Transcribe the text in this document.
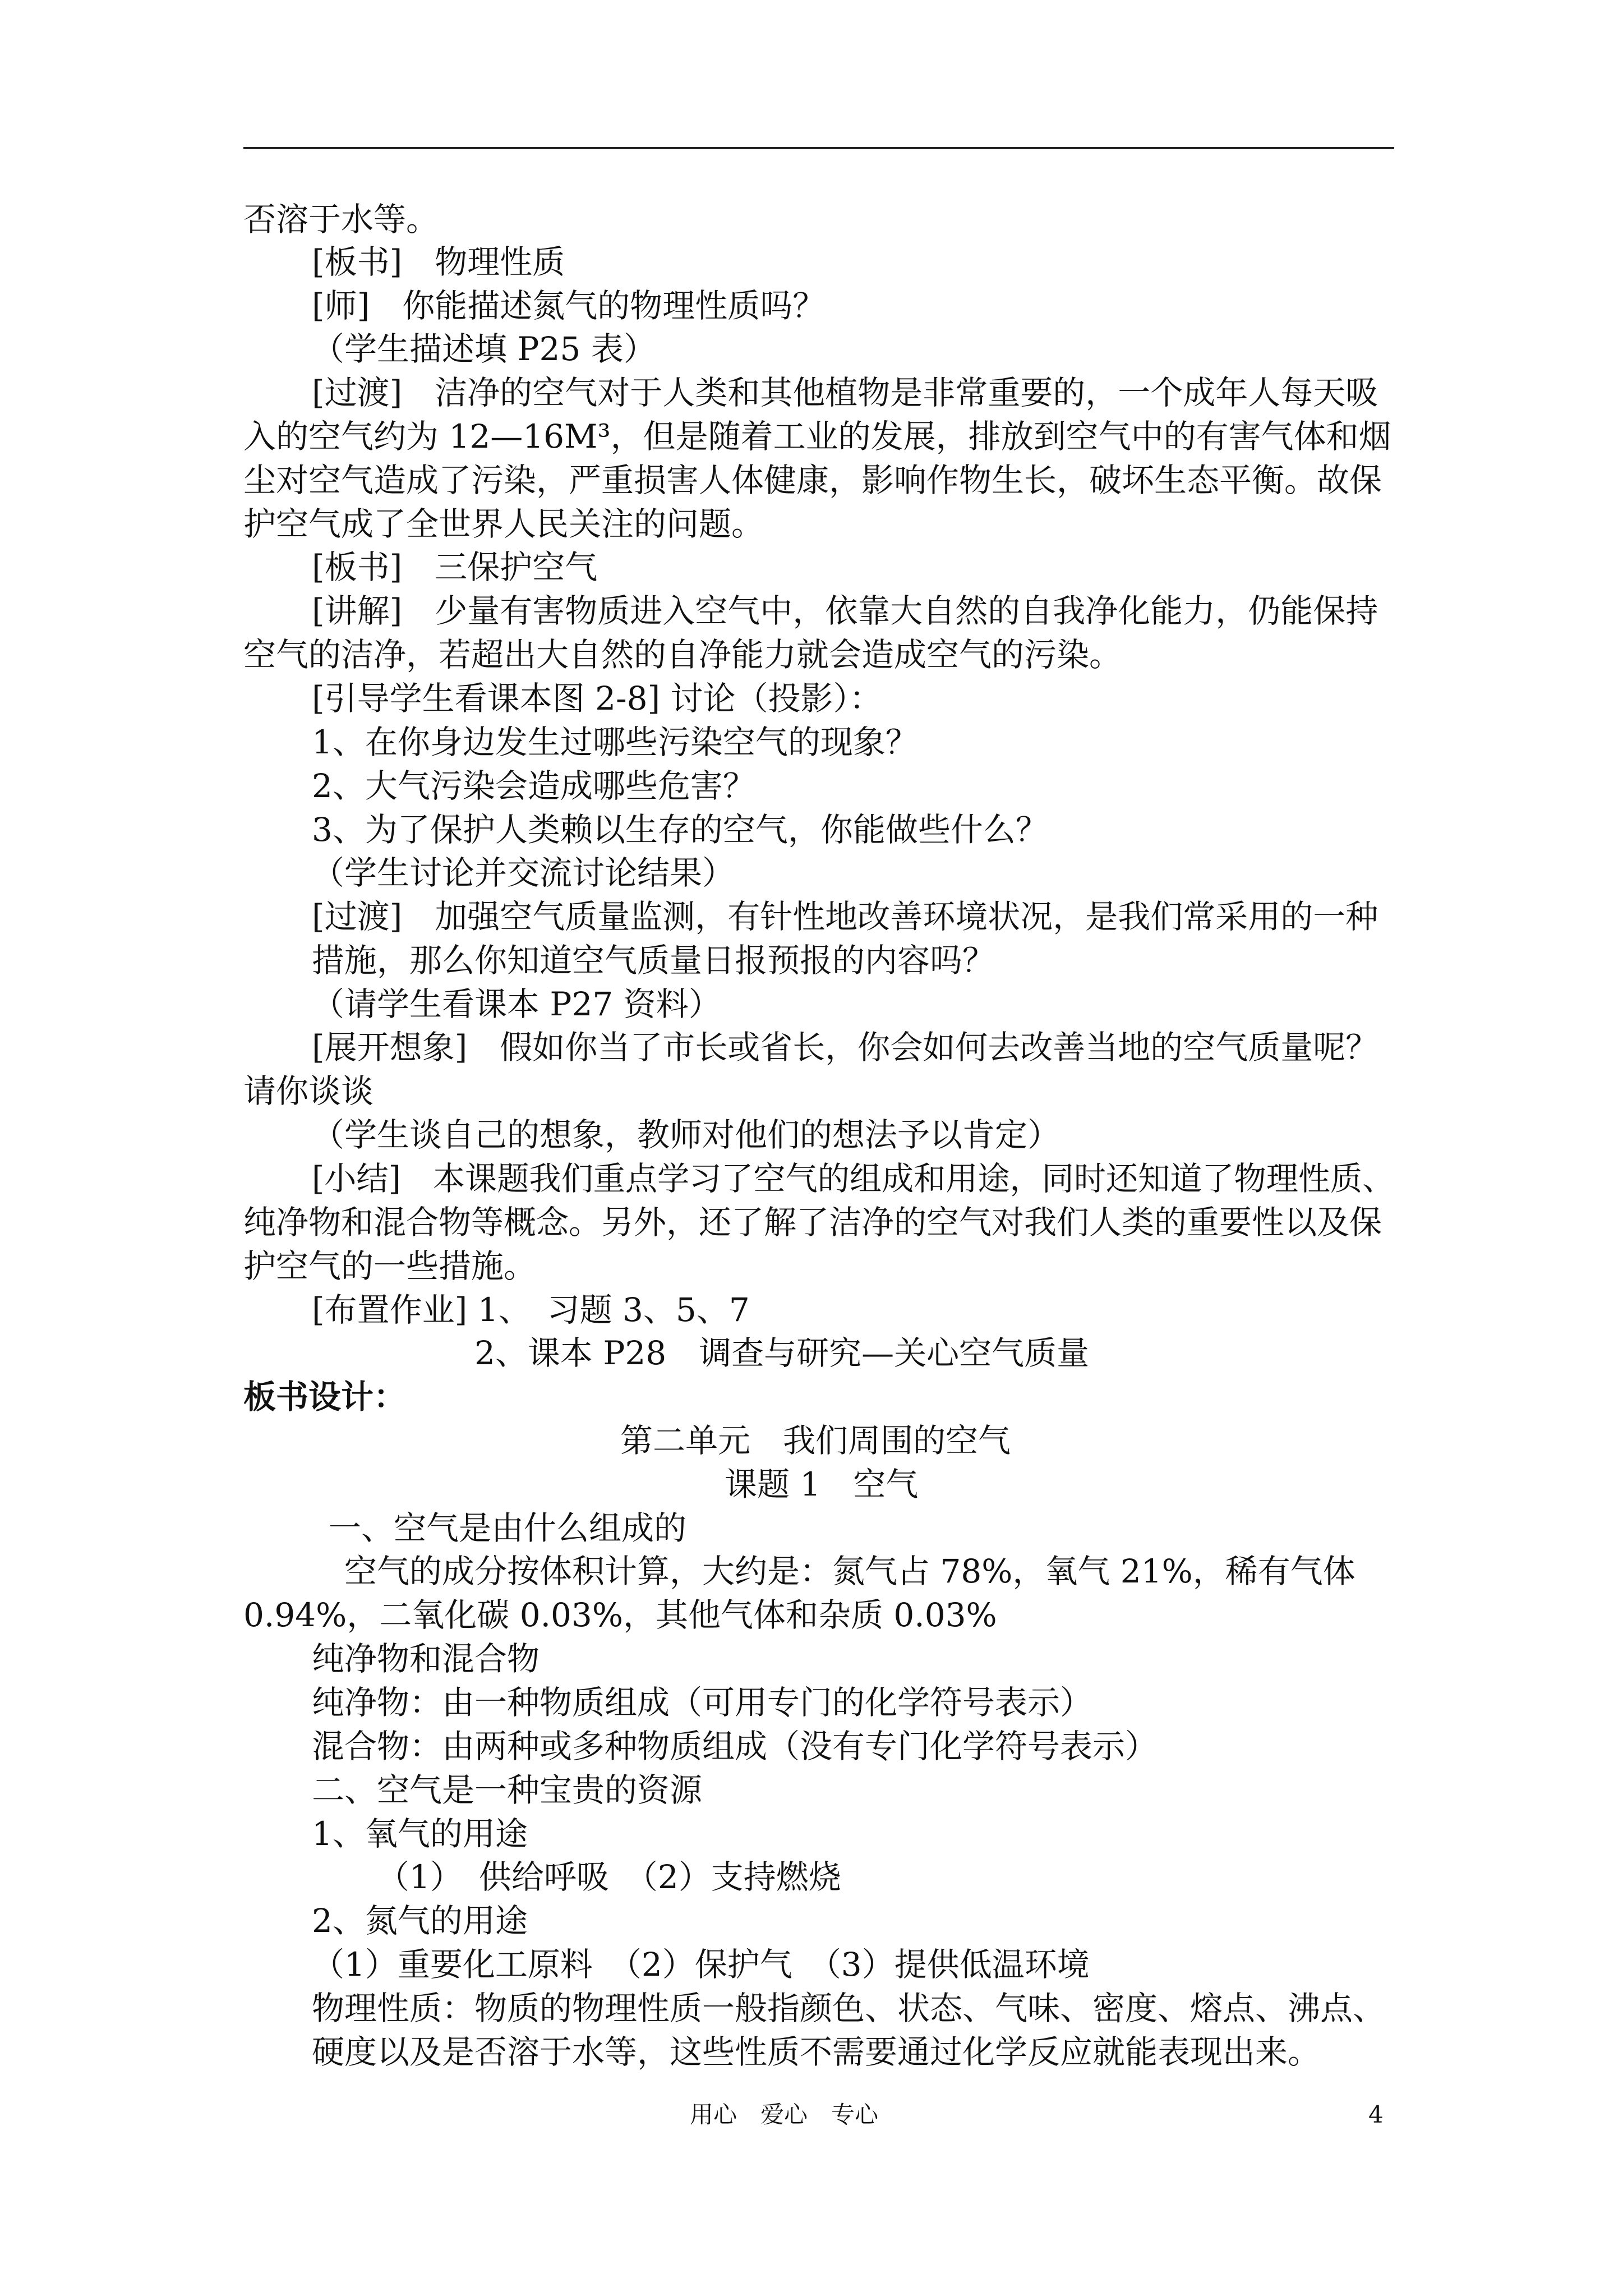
否溶于水等。
[板书]　物理性质
[师]　你能描述氮气的物理性质吗？
（学生描述填 P25 表）
[过渡]　洁净的空气对于人类和其他植物是非常重要的，一个成年人每天吸
入的空气约为 12—16M³，但是随着工业的发展，排放到空气中的有害气体和烟
尘对空气造成了污染，严重损害人体健康，影响作物生长，破坏生态平衡。故保
护空气成了全世界人民关注的问题。
[板书]　三保护空气
[讲解]　少量有害物质进入空气中，依靠大自然的自我净化能力，仍能保持
空气的洁净，若超出大自然的自净能力就会造成空气的污染。
[引导学生看课本图 2-8] 讨论（投影）：
1、在你身边发生过哪些污染空气的现象？
2、大气污染会造成哪些危害？
3、为了保护人类赖以生存的空气，你能做些什么？
（学生讨论并交流讨论结果）
[过渡]　加强空气质量监测，有针性地改善环境状况，是我们常采用的一种
措施，那么你知道空气质量日报预报的内容吗？
（请学生看课本 P27 资料）
[展开想象]　假如你当了市长或省长，你会如何去改善当地的空气质量呢？
请你谈谈
（学生谈自己的想象，教师对他们的想法予以肯定）
[小结]　本课题我们重点学习了空气的组成和用途，同时还知道了物理性质、
纯净物和混合物等概念。另外，还了解了洁净的空气对我们人类的重要性以及保
护空气的一些措施。
[布置作业] 1、　习题 3、5、7
2、课本 P28　调查与研究—关心空气质量
板书设计：
第二单元　我们周围的空气
课题 1　空气
一、空气是由什么组成的
空气的成分按体积计算，大约是：氮气占 78%，氧气 21%，稀有气体
0.94%，二氧化碳 0.03%，其他气体和杂质 0.03%
纯净物和混合物
纯净物：由一种物质组成（可用专门的化学符号表示）
混合物：由两种或多种物质组成（没有专门化学符号表示）
二、空气是一种宝贵的资源
1、氧气的用途
（1）　供给呼吸　（2）支持燃烧
2、氮气的用途
（1）重要化工原料　（2）保护气　（3）提供低温环境
物理性质：物质的物理性质一般指颜色、状态、气味、密度、熔点、沸点、
硬度以及是否溶于水等，这些性质不需要通过化学反应就能表现出来。
用心　爱心　专心	4
